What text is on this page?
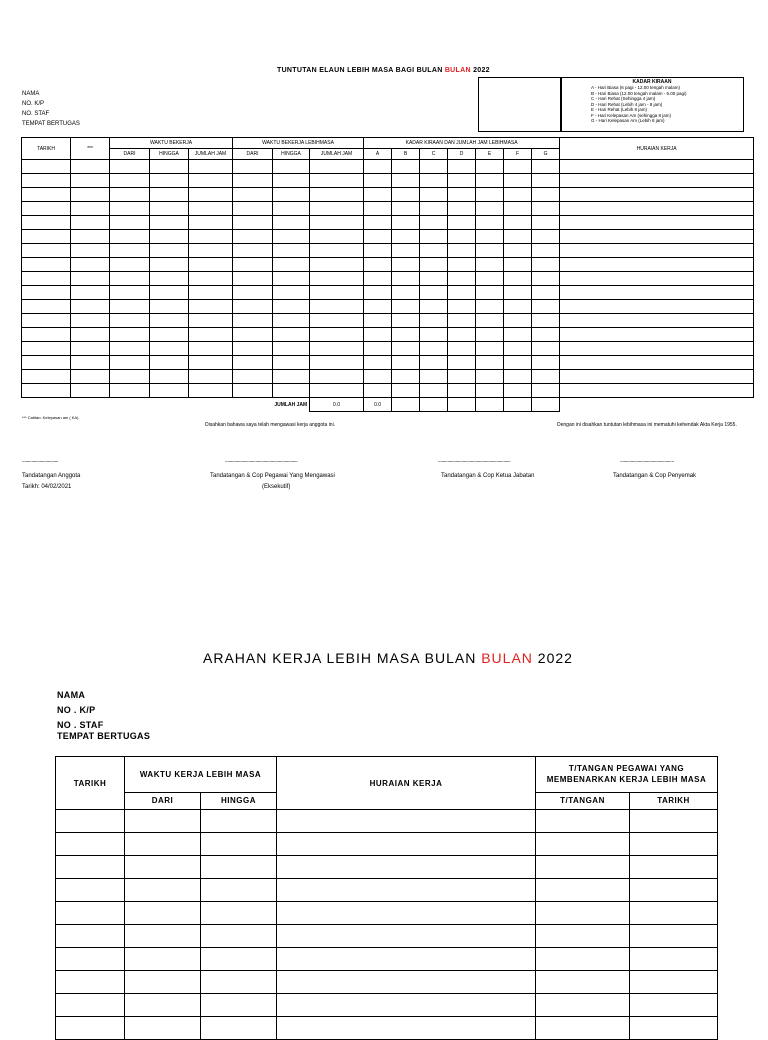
TUNTUTAN ELAUN LEBIH MASA BAGI BULAN BULAN 2022
NAMA
NO. K/P
NO. STAF
TEMPAT BERTUGAS
KADAR KIRAAN
A - Hari Biasa (6 pagi - 12.00 tengah malam)
B - Hari Biasa (12.00 tengah malam - 6.00 pagi)
C - Hari Rehat (Sehingga 4 jam)
D - Hari Rehat (Lebih 4 jam - 8 jam)
E - Hari Rehat (Lebih 8 jam)
F - Hari Kelepasan Am (sehingga 8 jam)
G - Hari Kelepasan Am (Lebih 8 jam)
TARIKH	***	WAKTU BEKERJA			WAKTU BEKERJA LEBIHMASA			KADAR KIRAAN DAN JUMLAH JAM LEBIHMASA							HURAIAN KERJA
		DARI	HINGGA	JUMLAH JAM	DARI	HINGGA	JUMLAH JAM	A	B	C	D	E	F	G	

						JUMLAH JAM	0.0	0.0							
*** Catitan: Kelepasan am ( KA)
Disahkan bahawa saya telah mengawasi kerja anggota ini.	Dengan ini disahkan tuntutan lebihmasa ini mematuhi kehendak Akta Kerja 1955.
...............................	..............................................................	..............................................................	..............................................
Tandatangan Anggota	Tandatangan & Cop Pegawai Yang Mengawasi	Tandatangan & Cop Ketua Jabatan	Tandatangan & Cop Penyemak
Tarikh: 04/02/2021	(Eksekutif)
ARAHAN KERJA LEBIH MASA BULAN BULAN 2022
NAMA
NO . K/P
NO . STAF
TEMPAT BERTUGAS
TARIKH	WAKTU KERJA LEBIH MASA		HURAIAN KERJA	T/TANGAN PEGAWAI YANG
MEMBENARKAN KERJA LEBIH MASA	

	DARI	HINGGA		T/TANGAN	TARIKH
